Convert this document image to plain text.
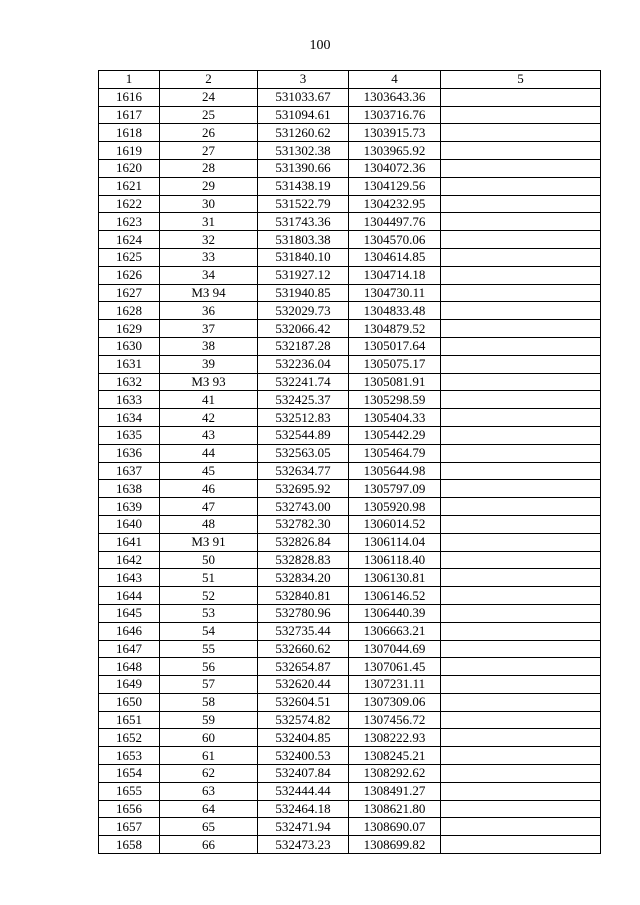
100
1	2	3	4	5
1616	24	531033.67	1303643.36	
1617	25	531094.61	1303716.76	
1618	26	531260.62	1303915.73	
1619	27	531302.38	1303965.92	
1620	28	531390.66	1304072.36	
1621	29	531438.19	1304129.56	
1622	30	531522.79	1304232.95	
1623	31	531743.36	1304497.76	
1624	32	531803.38	1304570.06	
1625	33	531840.10	1304614.85	
1626	34	531927.12	1304714.18	
1627	МЗ 94	531940.85	1304730.11	
1628	36	532029.73	1304833.48	
1629	37	532066.42	1304879.52	
1630	38	532187.28	1305017.64	
1631	39	532236.04	1305075.17	
1632	МЗ 93	532241.74	1305081.91	
1633	41	532425.37	1305298.59	
1634	42	532512.83	1305404.33	
1635	43	532544.89	1305442.29	
1636	44	532563.05	1305464.79	
1637	45	532634.77	1305644.98	
1638	46	532695.92	1305797.09	
1639	47	532743.00	1305920.98	
1640	48	532782.30	1306014.52	
1641	МЗ 91	532826.84	1306114.04	
1642	50	532828.83	1306118.40	
1643	51	532834.20	1306130.81	
1644	52	532840.81	1306146.52	
1645	53	532780.96	1306440.39	
1646	54	532735.44	1306663.21	
1647	55	532660.62	1307044.69	
1648	56	532654.87	1307061.45	
1649	57	532620.44	1307231.11	
1650	58	532604.51	1307309.06	
1651	59	532574.82	1307456.72	
1652	60	532404.85	1308222.93	
1653	61	532400.53	1308245.21	
1654	62	532407.84	1308292.62	
1655	63	532444.44	1308491.27	
1656	64	532464.18	1308621.80	
1657	65	532471.94	1308690.07	
1658	66	532473.23	1308699.82	
